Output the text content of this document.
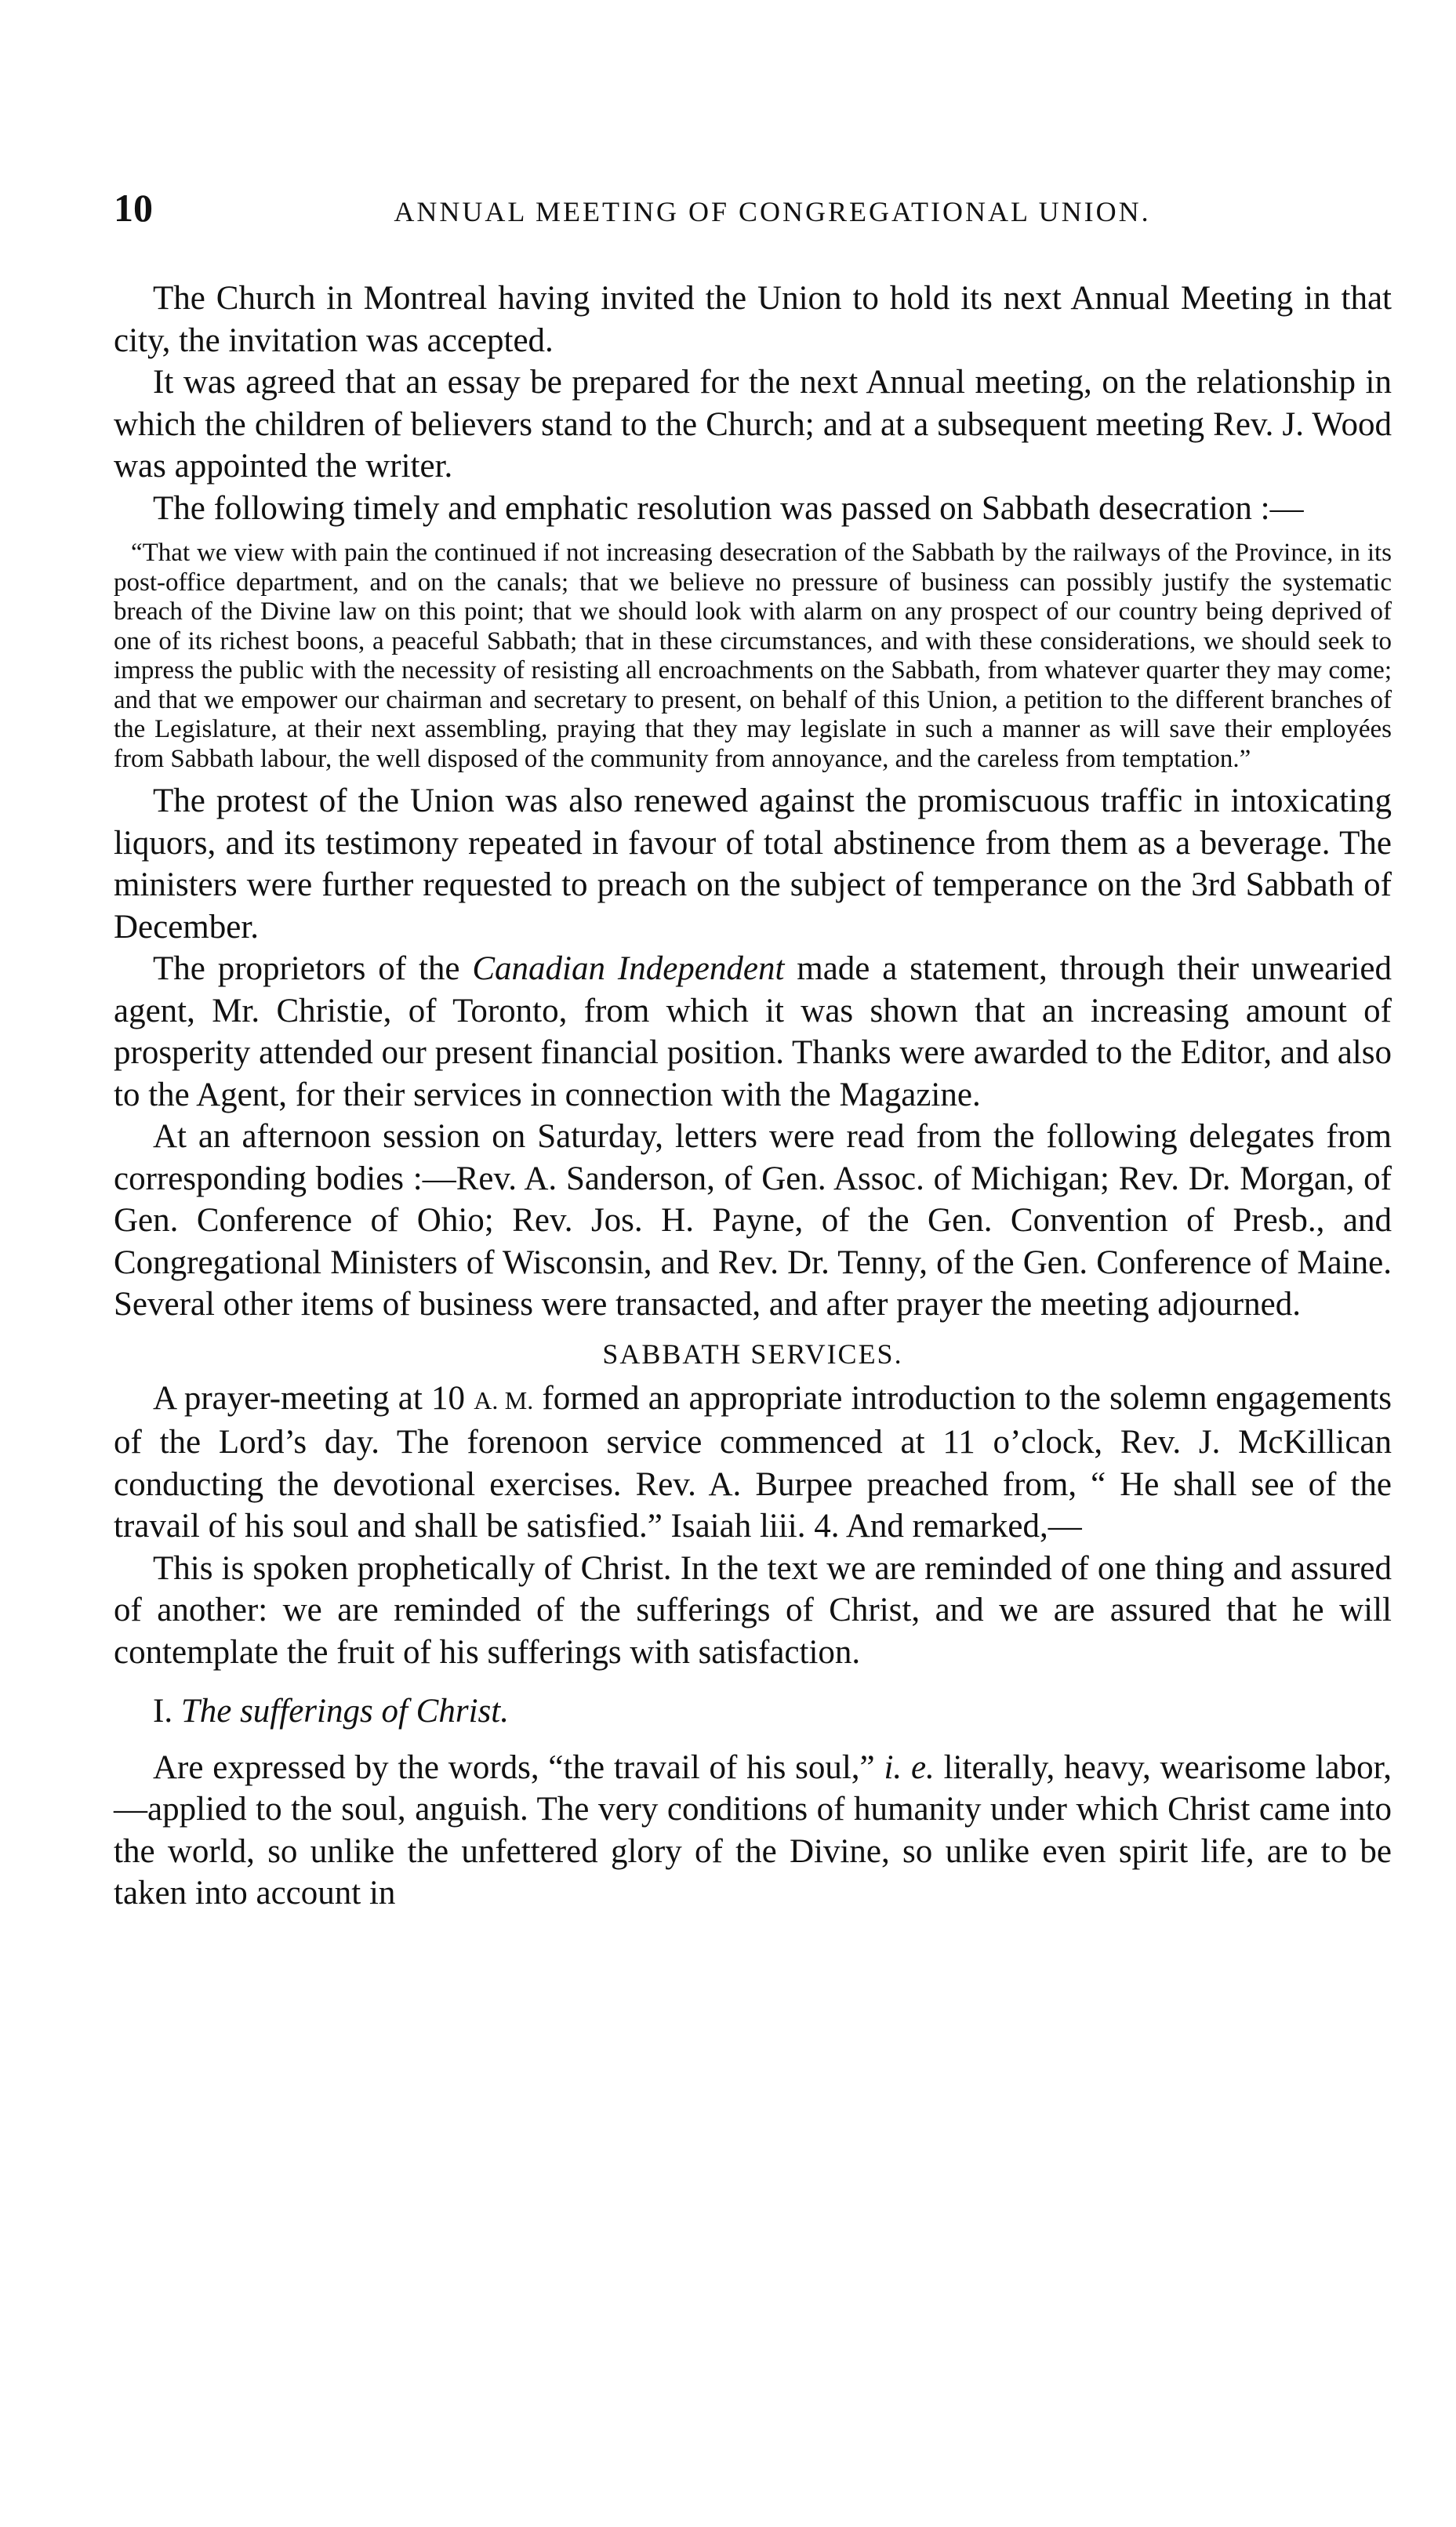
10	ANNUAL MEETING OF CONGREGATIONAL UNION.

The Church in Montreal having invited the Union to hold its next Annual Meeting in that city, the invitation was accepted.

It was agreed that an essay be prepared for the next Annual meeting, on the relationship in which the children of believers stand to the Church; and at a subsequent meeting Rev. J. Wood was appointed the writer.

The following timely and emphatic resolution was passed on Sabbath desecration :—

“That we view with pain the continued if not increasing desecration of the Sabbath by the railways of the Province, in its post-office department, and on the canals; that we believe no pressure of business can possibly justify the systematic breach of the Divine law on this point; that we should look with alarm on any prospect of our country being deprived of one of its richest boons, a peaceful Sabbath; that in these circumstances, and with these considerations, we should seek to impress the public with the necessity of resisting all encroachments on the Sabbath, from whatever quarter they may come; and that we empower our chairman and secretary to present, on behalf of this Union, a petition to the different branches of the Legislature, at their next assembling, praying that they may legislate in such a manner as will save their employées from Sabbath labour, the well disposed of the community from annoyance, and the careless from temptation.”

The protest of the Union was also renewed against the promiscuous traffic in intoxicating liquors, and its testimony repeated in favour of total abstinence from them as a beverage. The ministers were further requested to preach on the subject of temperance on the 3rd Sabbath of December.

The proprietors of the Canadian Independent made a statement, through their unwearied agent, Mr. Christie, of Toronto, from which it was shown that an increasing amount of prosperity attended our present financial position. Thanks were awarded to the Editor, and also to the Agent, for their services in connection with the Magazine.

At an afternoon session on Saturday, letters were read from the following delegates from corresponding bodies :—Rev. A. Sanderson, of Gen. Assoc. of Michigan; Rev. Dr. Morgan, of Gen. Conference of Ohio; Rev. Jos. H. Payne, of the Gen. Convention of Presb., and Congregational Ministers of Wisconsin, and Rev. Dr. Tenny, of the Gen. Conference of Maine. Several other items of business were transacted, and after prayer the meeting adjourned.

SABBATH SERVICES.

A prayer-meeting at 10 A. M. formed an appropriate introduction to the solemn engagements of the Lord’s day. The forenoon service commenced at 11 o’clock, Rev. J. McKillican conducting the devotional exercises. Rev. A. Burpee preached from, “ He shall see of the travail of his soul and shall be satisfied.” Isaiah liii. 4. And remarked,—

This is spoken prophetically of Christ. In the text we are reminded of one thing and assured of another: we are reminded of the sufferings of Christ, and we are assured that he will contemplate the fruit of his sufferings with satisfaction.

I. The sufferings of Christ.

Are expressed by the words, “the travail of his soul,” i. e. literally, heavy, wearisome labor,—applied to the soul, anguish. The very conditions of humanity under which Christ came into the world, so unlike the unfettered glory of the Divine, so unlike even spirit life, are to be taken into account in
